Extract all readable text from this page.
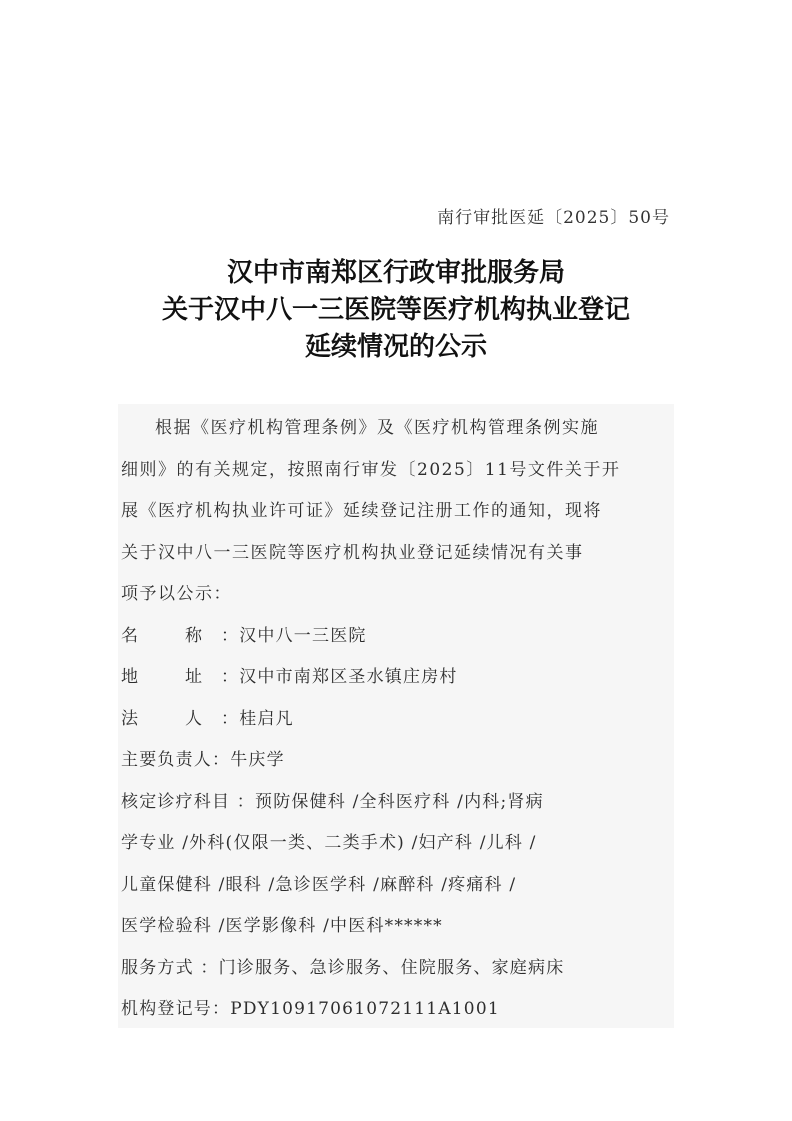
南行审批医延〔2025〕50号
汉中市南郑区行政审批服务局
关于汉中八一三医院等医疗机构执业登记
延续情况的公示
根据《医疗机构管理条例》及《医疗机构管理条例实施
细则》的有关规定，按照南行审发〔2025〕11号文件关于开
展《医疗机构执业许可证》延续登记注册工作的通知，现将
关于汉中八一三医院等医疗机构执业登记延续情况有关事
项予以公示：
名	称 ：汉中八一三医院
地	址 ：汉中市南郑区圣水镇庄房村
法	人 ：桂启凡
主要负责人：牛庆学
核定诊疗科目 ：预防保健科 /全科医疗科 /内科;肾病
学专业 /外科(仅限一类、二类手术) /妇产科 /儿科 /
儿童保健科 /眼科 /急诊医学科 /麻醉科 /疼痛科 /
医学检验科 /医学影像科 /中医科******
服务方式 ：门诊服务、急诊服务、住院服务、家庭病床
机构登记号：PDY10917061072111A1001
